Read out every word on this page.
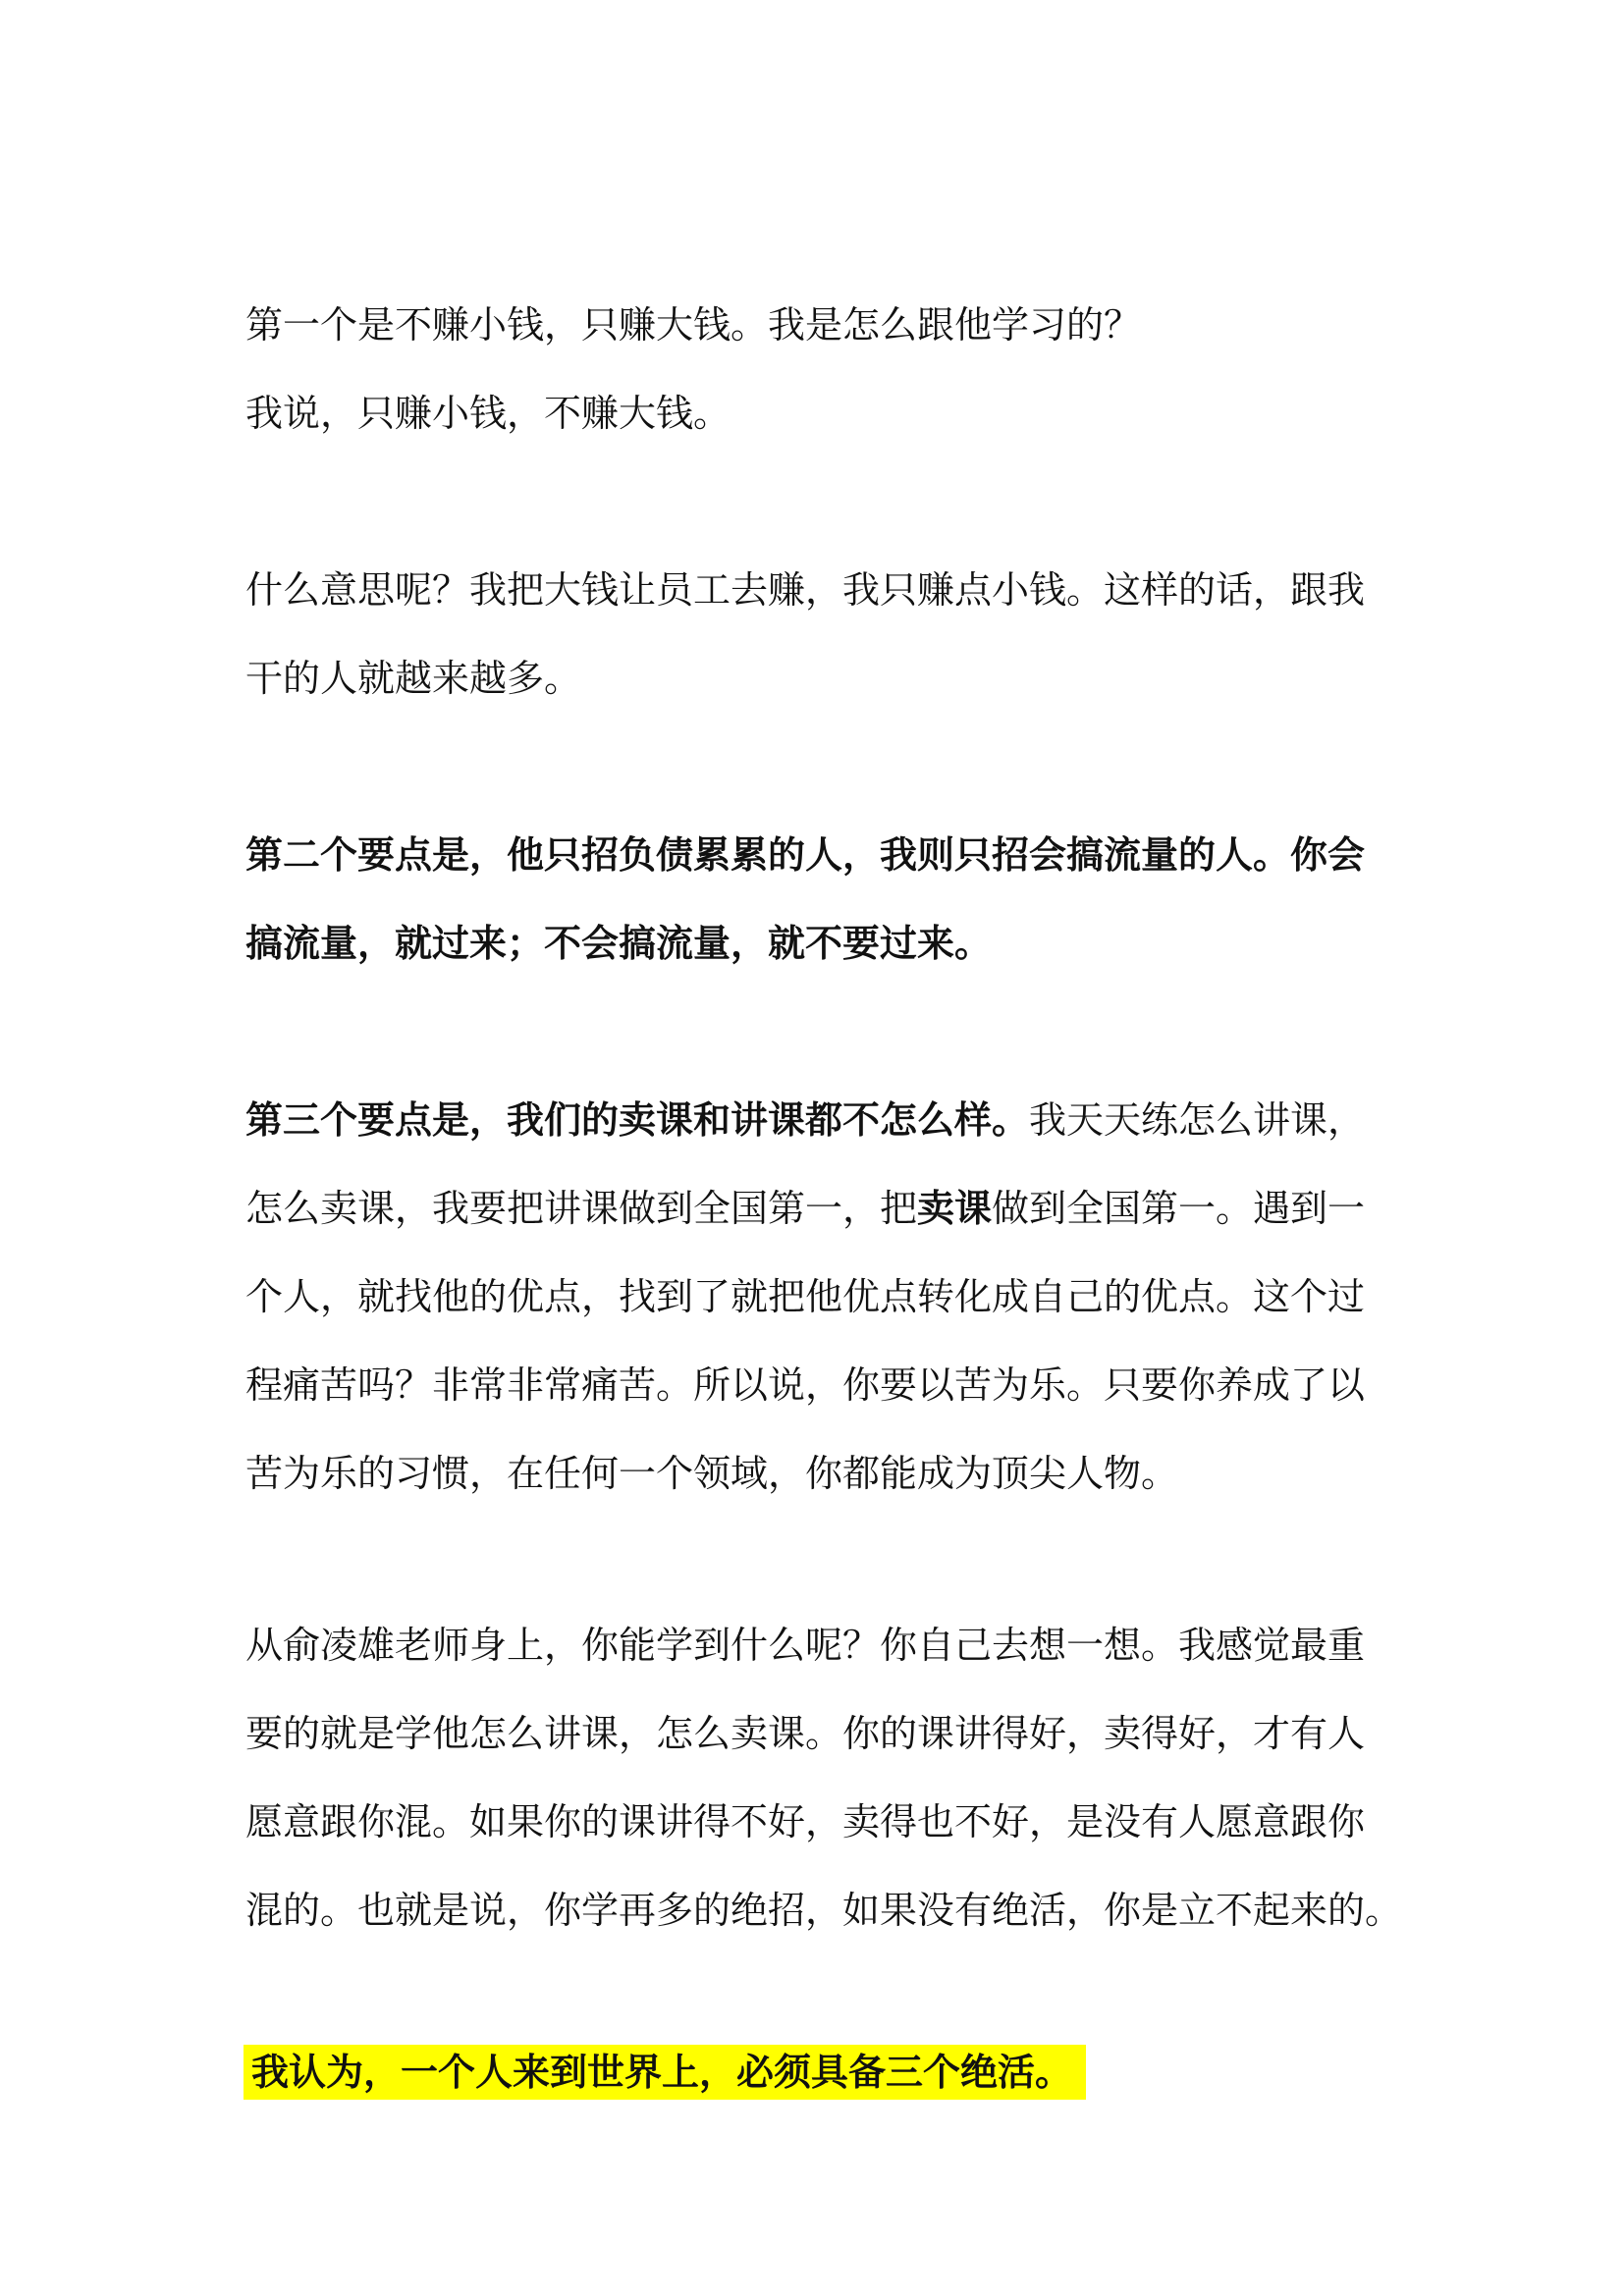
第一个是不赚小钱，只赚大钱。我是怎么跟他学习的？
我说，只赚小钱，不赚大钱。
什么意思呢？我把大钱让员工去赚，我只赚点小钱。这样的话，跟我
干的人就越来越多。
第二个要点是，他只招负债累累的人，我则只招会搞流量的人。你会
搞流量，就过来；不会搞流量，就不要过来。
第三个要点是，我们的卖课和讲课都不怎么样。我天天练怎么讲课，
怎么卖课，我要把讲课做到全国第一，把卖课做到全国第一。遇到一
个人，就找他的优点，找到了就把他优点转化成自己的优点。这个过
程痛苦吗？非常非常痛苦。所以说，你要以苦为乐。只要你养成了以
苦为乐的习惯，在任何一个领域，你都能成为顶尖人物。
从俞凌雄老师身上，你能学到什么呢？你自己去想一想。我感觉最重
要的就是学他怎么讲课，怎么卖课。你的课讲得好，卖得好，才有人
愿意跟你混。如果你的课讲得不好，卖得也不好，是没有人愿意跟你
混的。也就是说，你学再多的绝招，如果没有绝活，你是立不起来的。
我认为，一个人来到世界上，必须具备三个绝活。
